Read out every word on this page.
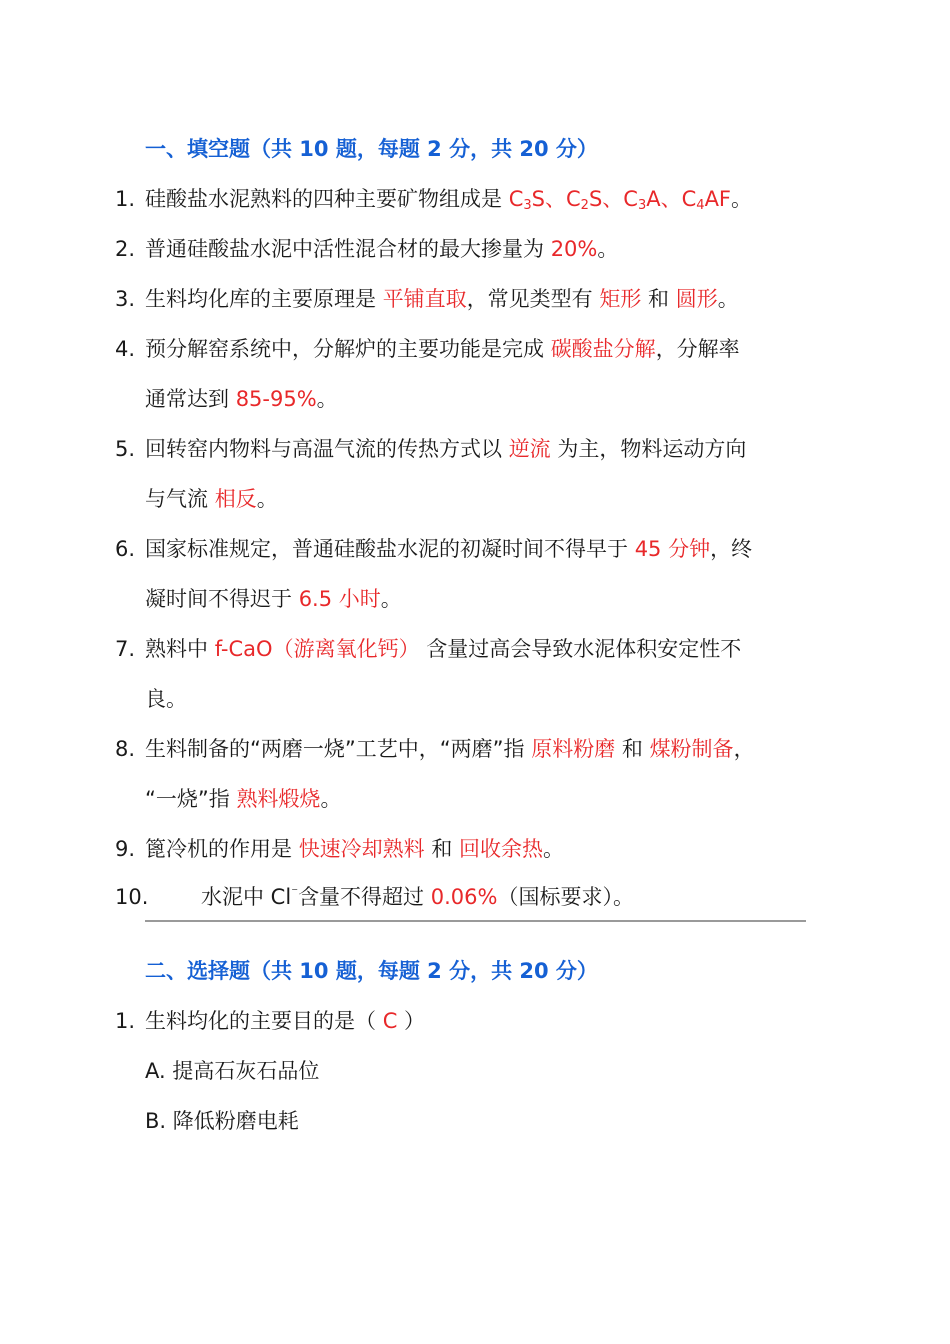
一、填空题（共 10 题，每题 2 分，共 20 分）
1. 硅酸盐水泥熟料的四种主要矿物组成是 $C_3S$、$C_2S$、$C_3A$、$C_4AF$。
2. 普通硅酸盐水泥中活性混合材的最大掺量为 20%。
3. 生料均化库的主要原理是 平铺直取，常见类型有 矩形 和 圆形。
4. 预分解窑系统中，分解炉的主要功能是完成 碳酸盐分解，分解率
通常达到 85-95%。
5. 回转窑内物料与高温气流的传热方式以 逆流 为主，物料运动方向
与气流 相反。
6. 国家标准规定，普通硅酸盐水泥的初凝时间不得早于 45 分钟，终
凝时间不得迟于 6.5 小时。
7. 熟料中 f-CaO（游离氧化钙） 含量过高会导致水泥体积安定性不
良。
8. 生料制备的“两磨一烧”工艺中，“两磨”指 原料粉磨 和 煤粉制备，
“一烧”指 熟料煅烧。
9. 篦冷机的作用是 快速冷却熟料 和 回收余热。
10.	水泥中 Cl⁻含量不得超过 0.06%（国标要求）。
二、选择题（共 10 题，每题 2 分，共 20 分）
1. 生料均化的主要目的是（ C ）
A. 提高石灰石品位
B. 降低粉磨电耗
